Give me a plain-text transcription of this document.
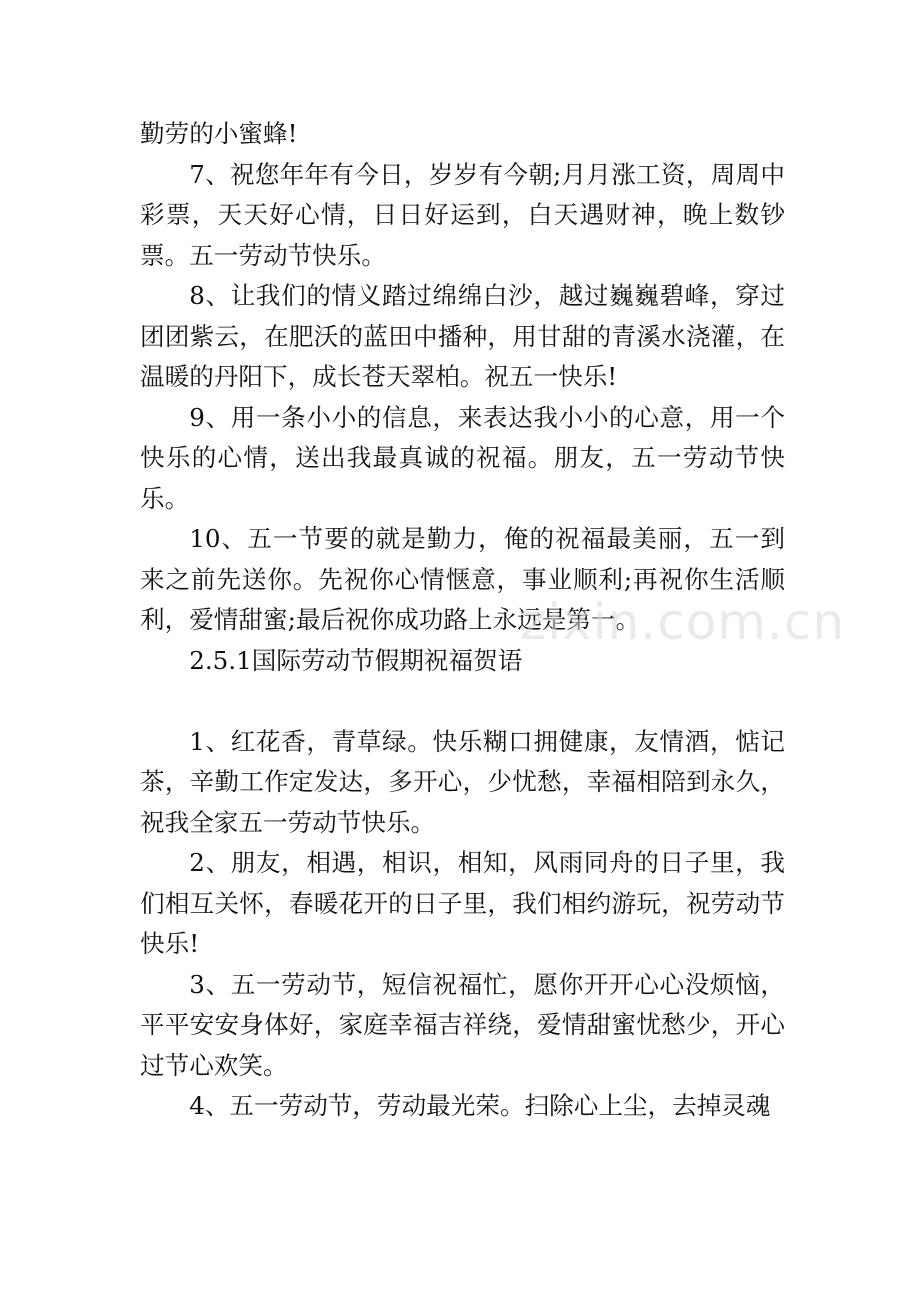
勤劳的小蜜蜂!

7、祝您年年有今日，岁岁有今朝;月月涨工资，周周中彩票，天天好心情，日日好运到，白天遇财神，晚上数钞票。五一劳动节快乐。

8、让我们的情义踏过绵绵白沙，越过巍巍碧峰，穿过团团紫云，在肥沃的蓝田中播种，用甘甜的青溪水浇灌，在温暖的丹阳下，成长苍天翠柏。祝五一快乐!

9、用一条小小的信息，来表达我小小的心意，用一个快乐的心情，送出我最真诚的祝福。朋友，五一劳动节快乐。

10、五一节要的就是勤力，俺的祝福最美丽，五一到来之前先送你。先祝你心情惬意，事业顺利;再祝你生活顺利，爱情甜蜜;最后祝你成功路上永远是第一。

2.5.1国际劳动节假期祝福贺语

1、红花香，青草绿。快乐糊口拥健康，友情酒，惦记茶，辛勤工作定发达，多开心，少忧愁，幸福相陪到永久，祝我全家五一劳动节快乐。

2、朋友，相遇，相识，相知，风雨同舟的日子里，我们相互关怀，春暖花开的日子里，我们相约游玩，祝劳动节快乐!

3、五一劳动节，短信祝福忙，愿你开开心心没烦恼，平平安安身体好，家庭幸福吉祥绕，爱情甜蜜忧愁少，开心过节心欢笑。

4、五一劳动节，劳动最光荣。扫除心上尘，去掉灵魂

zixin.com.cn
